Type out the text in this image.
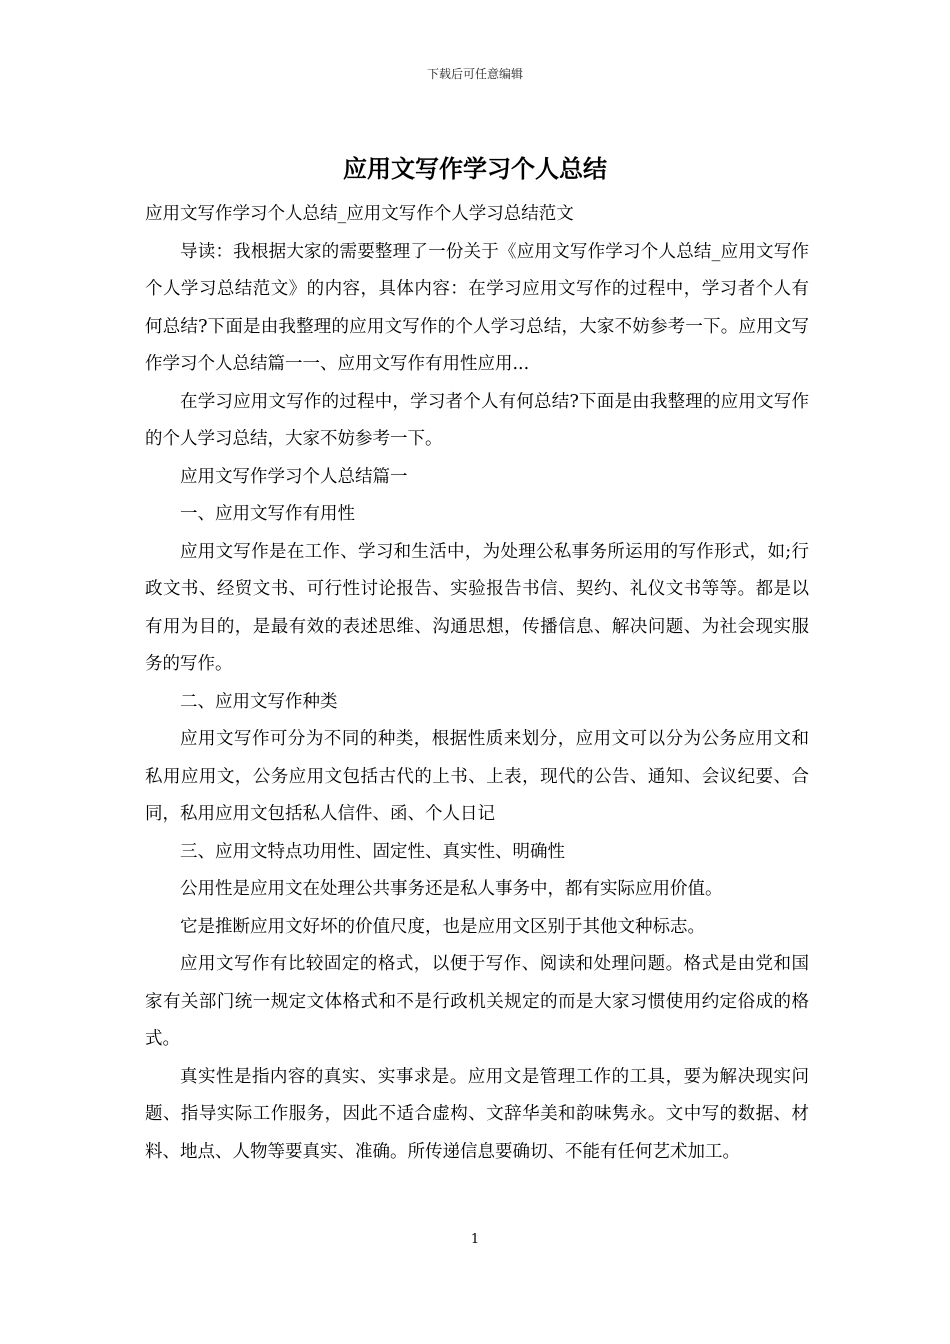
下载后可任意编辑
应用文写作学习个人总结

应用文写作学习个人总结_应用文写作个人学习总结范文

导读：我根据大家的需要整理了一份关于《应用文写作学习个人总结_应用文写作个人学习总结范文》的内容，具体内容：在学习应用文写作的过程中，学习者个人有何总结?下面是由我整理的应用文写作的个人学习总结，大家不妨参考一下。应用文写作学习个人总结篇一一、应用文写作有用性应用...

在学习应用文写作的过程中，学习者个人有何总结?下面是由我整理的应用文写作的个人学习总结，大家不妨参考一下。

应用文写作学习个人总结篇一

一、应用文写作有用性

应用文写作是在工作、学习和生活中，为处理公私事务所运用的写作形式，如;行政文书、经贸文书、可行性讨论报告、实验报告书信、契约、礼仪文书等等。都是以有用为目的，是最有效的表述思维、沟通思想，传播信息、解决问题、为社会现实服务的写作。

二、应用文写作种类

应用文写作可分为不同的种类，根据性质来划分，应用文可以分为公务应用文和私用应用文，公务应用文包括古代的上书、上表，现代的公告、通知、会议纪要、合同，私用应用文包括私人信件、函、个人日记

三、应用文特点功用性、固定性、真实性、明确性

公用性是应用文在处理公共事务还是私人事务中，都有实际应用价值。

它是推断应用文好坏的价值尺度，也是应用文区别于其他文种标志。

应用文写作有比较固定的格式，以便于写作、阅读和处理问题。格式是由党和国家有关部门统一规定文体格式和不是行政机关规定的而是大家习惯使用约定俗成的格式。

真实性是指内容的真实、实事求是。应用文是管理工作的工具，要为解决现实问题、指导实际工作服务，因此不适合虚构、文辞华美和韵味隽永。文中写的数据、材料、地点、人物等要真实、准确。所传递信息要确切、不能有任何艺术加工。

1
